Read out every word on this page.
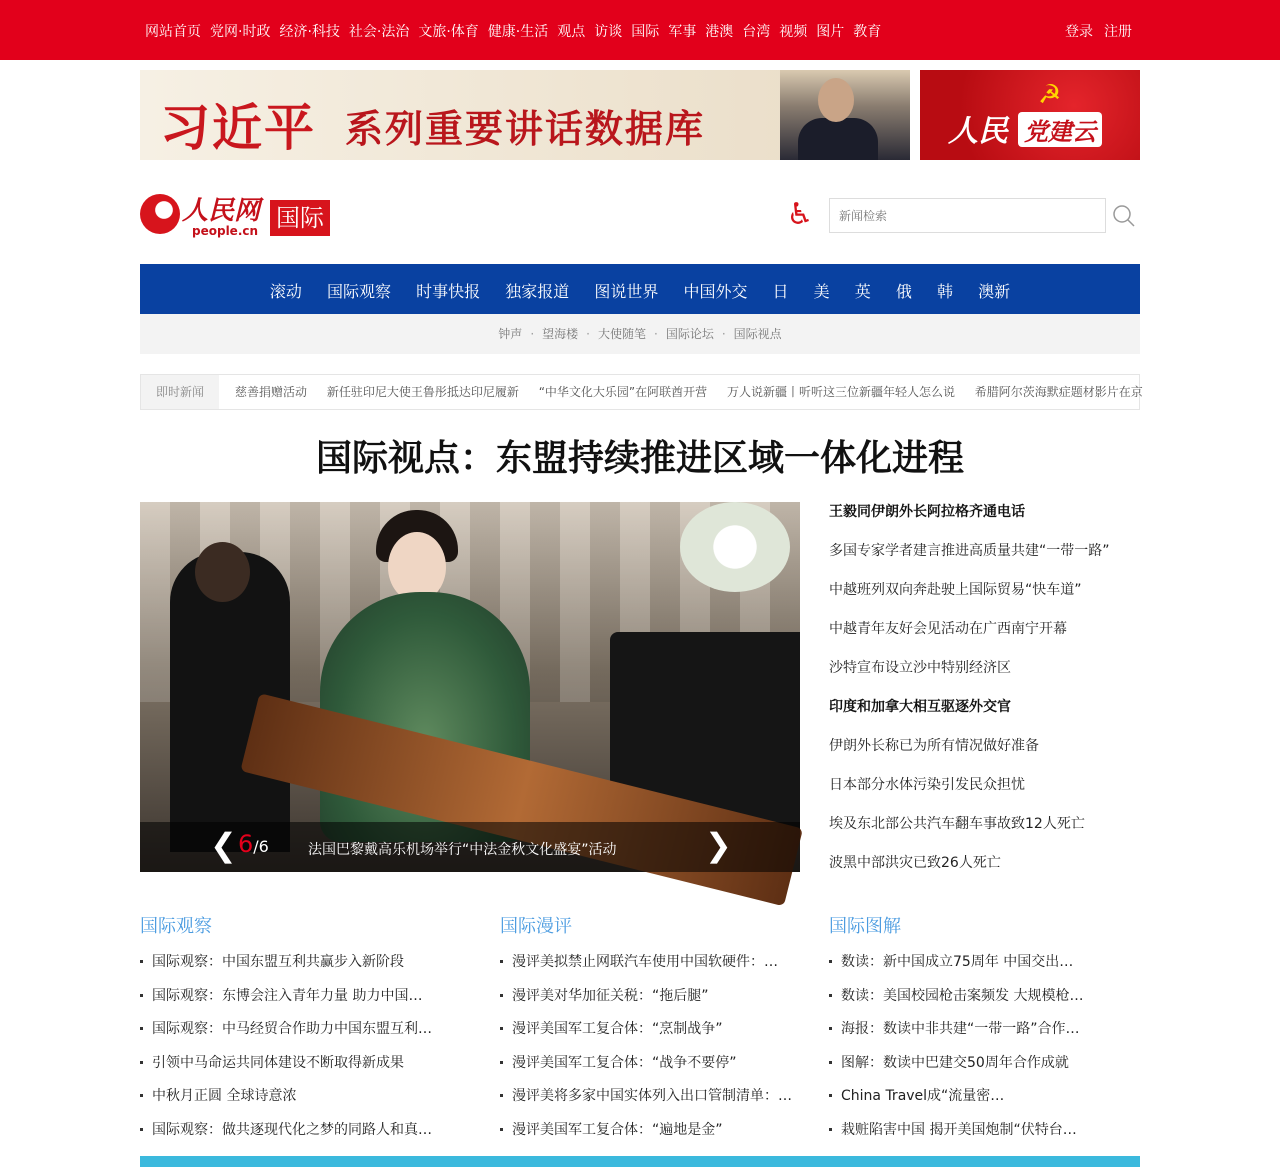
网站首页 党网·时政 经济·科技 社会·法治 文旅·体育 健康·生活 观点 访谈 国际 军事 港澳 台湾 视频 图片 教育	登录 注册
习近平 系列重要讲话数据库
☭
人民 党建云
人民网
people.cn 国际	♿
新闻检索
滚动 国际观察 时事快报 独家报道 图说世界 中国外交 日 美 英 俄 韩 澳新
钟声 · 望海楼 · 大使随笔 · 国际论坛 · 国际视点
即时新闻	慈善捐赠活动 新任驻印尼大使王鲁彤抵达印尼履新 “中华文化大乐园”在阿联酋开营 万人说新疆丨听听这三位新疆年轻人怎么说 希腊阿尔茨海默症题材影片在京
国际视点：东盟持续推进区域一体化进程
❮ 6/6	法国巴黎戴高乐机场举行“中法金秋文化盛宴”活动	❯
王毅同伊朗外长阿拉格齐通电话
多国专家学者建言推进高质量共建“一带一路”
中越班列双向奔赴驶上国际贸易“快车道”
中越青年友好会见活动在广西南宁开幕
沙特宣布设立沙中特别经济区
印度和加拿大相互驱逐外交官
伊朗外长称已为所有情况做好准备
日本部分水体污染引发民众担忧
埃及东北部公共汽车翻车事故致12人死亡
波黑中部洪灾已致26人死亡
国际观察
国际观察：中国东盟互利共赢步入新阶段
国际观察：东博会注入青年力量 助力中国…
国际观察：中马经贸合作助力中国东盟互利…
引领中马命运共同体建设不断取得新成果
中秋月正圆 全球诗意浓
国际观察：做共逐现代化之梦的同路人和真…
国际漫评
漫评美拟禁止网联汽车使用中国软硬件：…
漫评美对华加征关税：“拖后腿”
漫评美国军工复合体：“烹制战争”
漫评美国军工复合体：“战争不要停”
漫评美将多家中国实体列入出口管制清单：…
漫评美国军工复合体：“遍地是金”
国际图解
数读：新中国成立75周年 中国交出…
数读：美国校园枪击案频发 大规模枪…
海报：数读中非共建“一带一路”合作…
图解：数读中巴建交50周年合作成就
China Travel成“流量密…
栽赃陷害中国 揭开美国炮制“伏特台…
